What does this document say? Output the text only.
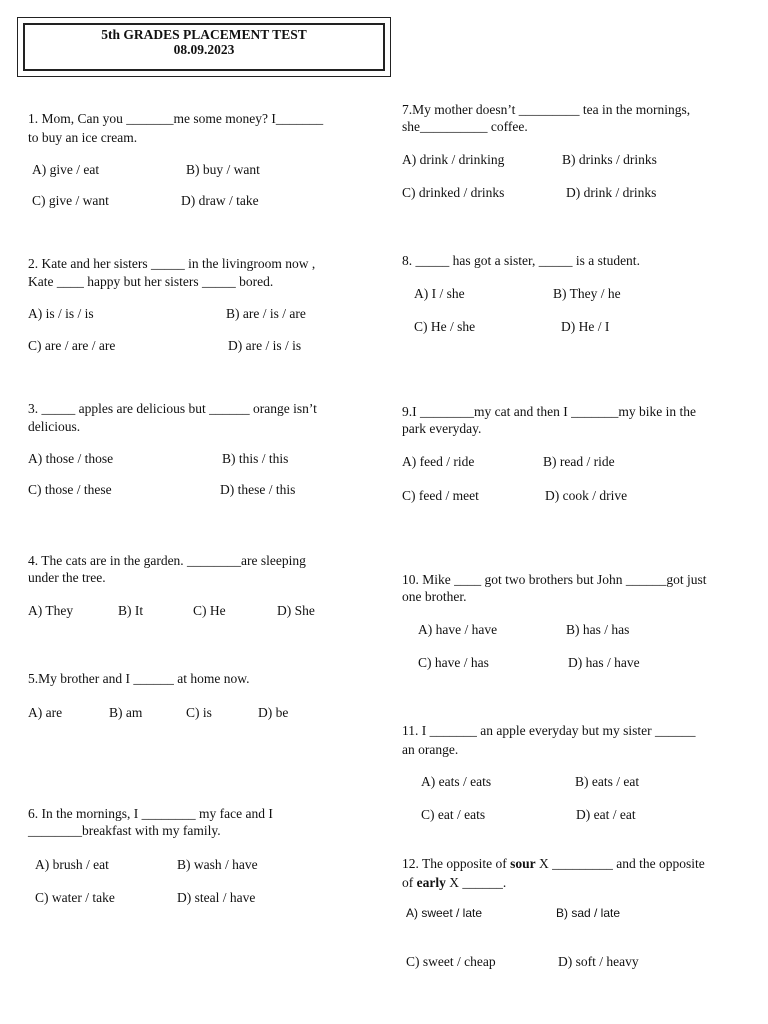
5th GRADES PLACEMENT TEST
08.09.2023
1. Mom, Can you _______me some money? I_______
to buy an ice cream.
A) give / eat	B) buy / want
C) give / want	D) draw / take
2. Kate and her sisters _____ in the livingroom now ,
Kate ____ happy but her sisters _____ bored.
A) is / is / is	B) are / is / are
C) are / are / are	D) are / is / is
3. _____ apples are delicious but ______ orange isn’t
delicious.
A) those / those	B) this / this
C) those / these	D) these / this
4. The cats are in the garden. ________are sleeping
under the tree.
A) They	B) It	C) He	D) She
5.My brother and I ______ at home now.
A) are	B) am	C) is	D) be
6. In the mornings, I ________ my face and I
________breakfast with my family.
A) brush / eat	B) wash / have
C) water / take	D) steal / have
7.My mother doesn’t _________ tea in the mornings,
she__________ coffee.
A) drink / drinking	B) drinks / drinks
C) drinked / drinks	D) drink / drinks
8. _____ has got a sister, _____ is a student.
A) I / she	B) They / he
C) He / she	D) He / I
9.I ________my cat and then I _______my bike in the
park everyday.
A) feed / ride	B) read / ride
C) feed / meet	D) cook / drive
10. Mike ____ got two brothers but John ______got just
one brother.
A) have / have	B) has / has
C) have / has	D) has / have
11. I _______ an apple everyday but my sister ______
an orange.
A) eats / eats	B) eats / eat
C) eat / eats	D) eat / eat
12. The opposite of sour X _________ and the opposite
of early X ______.
A) sweet / late	B) sad / late
C) sweet / cheap	D) soft / heavy
